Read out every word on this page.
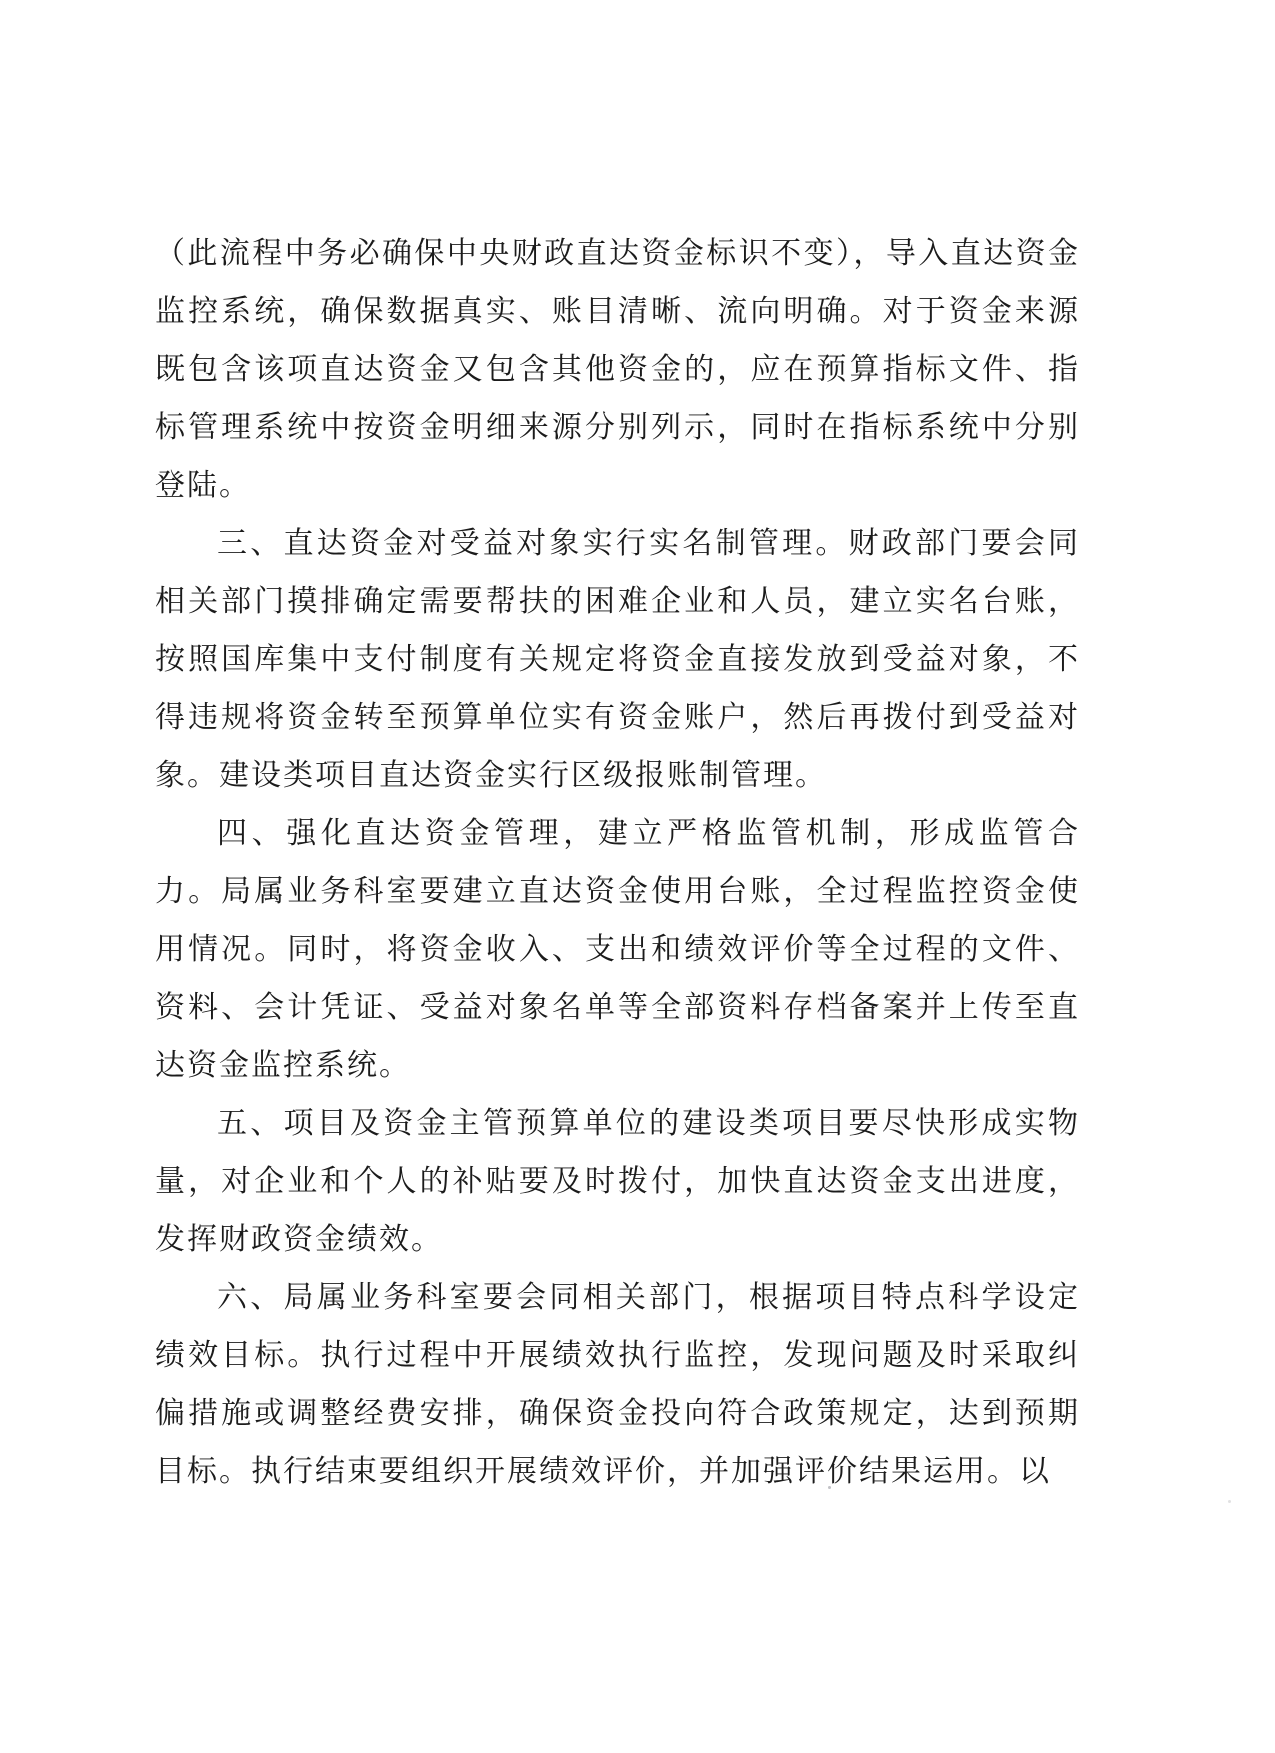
（此流程中务必确保中央财政直达资金标识不变），导入直达资金监控系统，确保数据真实、账目清晰、流向明确。对于资金来源既包含该项直达资金又包含其他资金的，应在预算指标文件、指标管理系统中按资金明细来源分别列示，同时在指标系统中分别登陆。

三、直达资金对受益对象实行实名制管理。财政部门要会同相关部门摸排确定需要帮扶的困难企业和人员，建立实名台账，按照国库集中支付制度有关规定将资金直接发放到受益对象，不得违规将资金转至预算单位实有资金账户，然后再拨付到受益对象。建设类项目直达资金实行区级报账制管理。

四、强化直达资金管理，建立严格监管机制，形成监管合力。局属业务科室要建立直达资金使用台账，全过程监控资金使用情况。同时，将资金收入、支出和绩效评价等全过程的文件、资料、会计凭证、受益对象名单等全部资料存档备案并上传至直达资金监控系统。

五、项目及资金主管预算单位的建设类项目要尽快形成实物量，对企业和个人的补贴要及时拨付，加快直达资金支出进度，发挥财政资金绩效。

六、局属业务科室要会同相关部门，根据项目特点科学设定绩效目标。执行过程中开展绩效执行监控，发现问题及时采取纠偏措施或调整经费安排，确保资金投向符合政策规定，达到预期目标。执行结束要组织开展绩效评价，并加强评价结果运用。以
